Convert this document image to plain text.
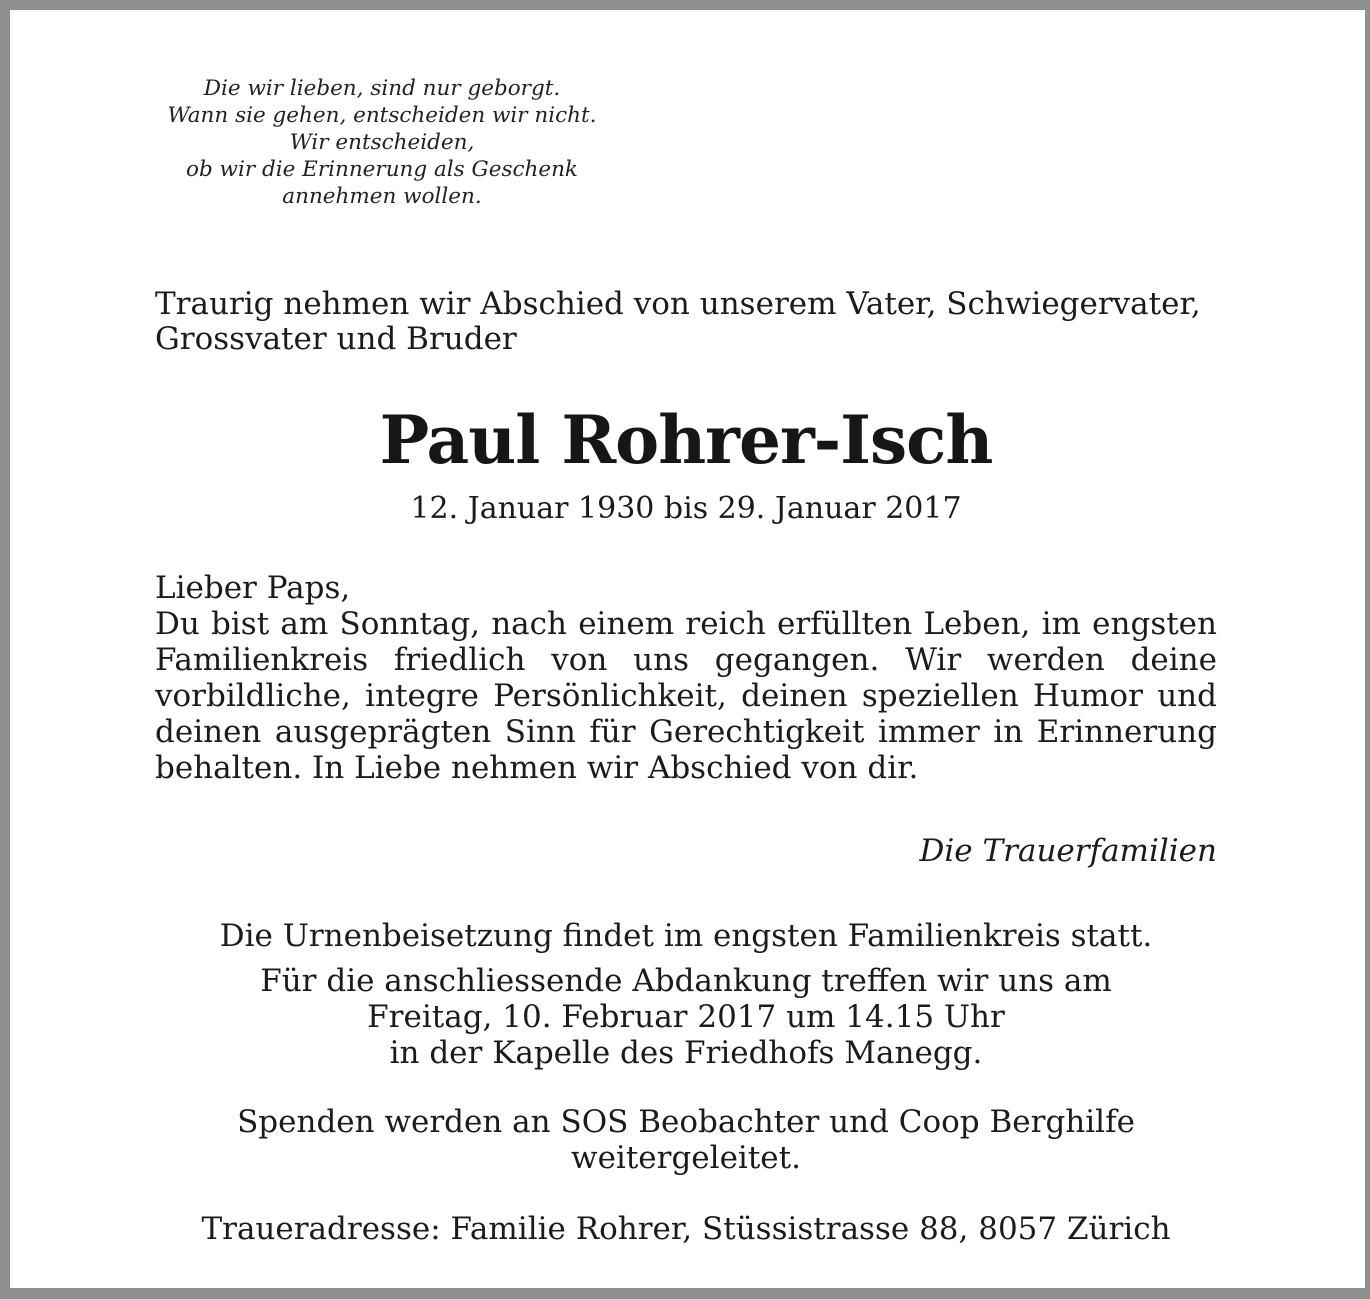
Die wir lieben, sind nur geborgt.
Wann sie gehen, entscheiden wir nicht.
Wir entscheiden,
ob wir die Erinnerung als Geschenk
annehmen wollen.
Traurig nehmen wir Abschied von unserem Vater, Schwiegervater,
Grossvater und Bruder
Paul Rohrer-Isch
12. Januar 1930 bis 29. Januar 2017
Lieber Paps,
Du bist am Sonntag, nach einem reich erfüllten Leben, im engsten
Familienkreis friedlich von uns gegangen. Wir werden deine
vorbildliche, integre Persönlichkeit, deinen speziellen Humor und
deinen ausgeprägten Sinn für Gerechtigkeit immer in Erinnerung
behalten. In Liebe nehmen wir Abschied von dir.
Die Trauerfamilien
Die Urnenbeisetzung findet im engsten Familienkreis statt.
Für die anschliessende Abdankung treffen wir uns am
Freitag, 10. Februar 2017 um 14.15 Uhr
in der Kapelle des Friedhofs Manegg.
Spenden werden an SOS Beobachter und Coop Berghilfe
weitergeleitet.
Traueradresse: Familie Rohrer, Stüssistrasse 88, 8057 Zürich
